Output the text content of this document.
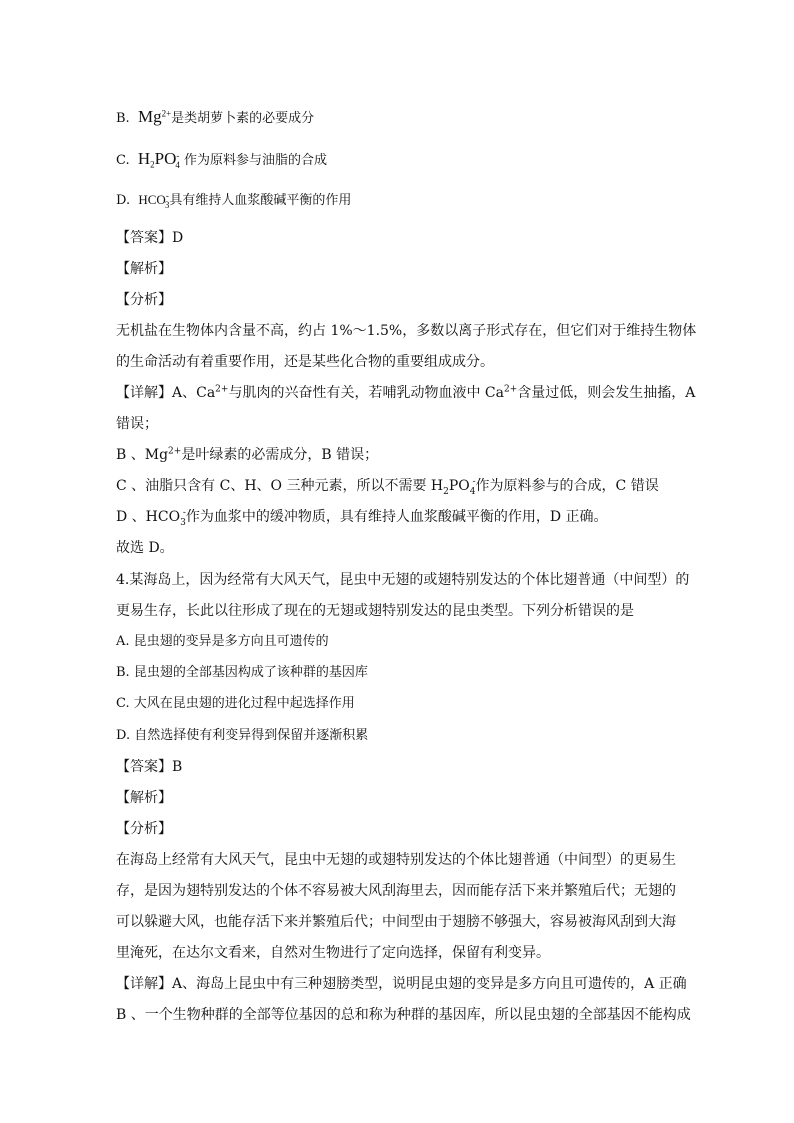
B. $Mg^{2+}$是类胡萝卜素的必要成分
C. $H_2PO^-_4$ 作为原料参与油脂的合成
D. $HCO^-_3$具有维持人血浆酸碱平衡的作用
【答案】D
【解析】
【分析】
无机盐在生物体内含量不高，约占 1%～1.5%，多数以离子形式存在，但它们对于维持生物体
的生命活动有着重要作用，还是某些化合物的重要组成成分。
【详解】A、$Ca^{2+}$与肌肉的兴奋性有关，若哺乳动物血液中 $Ca^{2+}$含量过低，则会发生抽搐，A
错误；
B 、$Mg^{2+}$是叶绿素的必需成分，B 错误；
C 、油脂只含有 C、H、O 三种元素，所以不需要 $H_2PO_4^-$作为原料参与的合成，C 错误
D 、$HCO_3^-$作为血浆中的缓冲物质，具有维持人血浆酸碱平衡的作用，D 正确。
故选 D。
4.某海岛上，因为经常有大风天气，昆虫中无翅的或翅特别发达的个体比翅普通（中间型）的
更易生存，长此以往形成了现在的无翅或翅特别发达的昆虫类型。下列分析错误的是
A. 昆虫翅的变异是多方向且可遗传的
B. 昆虫翅的全部基因构成了该种群的基因库
C. 大风在昆虫翅的进化过程中起选择作用
D. 自然选择使有利变异得到保留并逐渐积累
【答案】B
【解析】
【分析】
在海岛上经常有大风天气，昆虫中无翅的或翅特别发达的个体比翅普通（中间型）的更易生
存，是因为翅特别发达的个体不容易被大风刮海里去，因而能存活下来并繁殖后代；无翅的
可以躲避大风，也能存活下来并繁殖后代；中间型由于翅膀不够强大，容易被海风刮到大海
里淹死，在达尔文看来，自然对生物进行了定向选择，保留有利变异。
【详解】A、海岛上昆虫中有三种翅膀类型，说明昆虫翅的变异是多方向且可遗传的，A 正确
B 、一个生物种群的全部等位基因的总和称为种群的基因库，所以昆虫翅的全部基因不能构成
